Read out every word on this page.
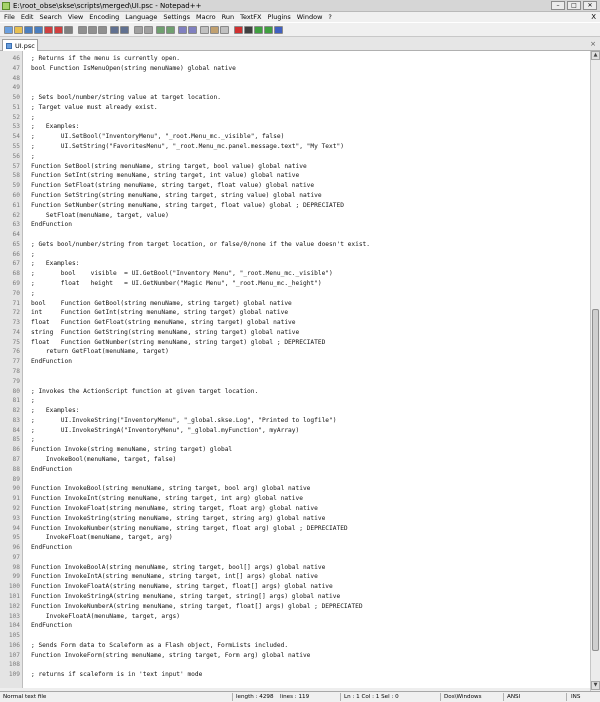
E:\root_obse\skse\scripts\merged\UI.psc - Notepad++	–	□	✕
File Edit Search View Encoding Language Settings Macro Run TextFX Plugins Window ?	X
UI.psc	×
46 ; Returns if the menu is currently open.
47 bool Function IsMenuOpen(string menuName) global native
48
49
50 ; Sets bool/number/string value at target location.
51 ; Target value must already exist.
52 ;
53 ;   Examples:
54 ;       UI.SetBool("InventoryMenu", "_root.Menu_mc._visible", false)
55 ;       UI.SetString("FavoritesMenu", "_root.Menu_mc.panel.message.text", "My Text")
56 ;
57 Function SetBool(string menuName, string target, bool value) global native
58 Function SetInt(string menuName, string target, int value) global native
59 Function SetFloat(string menuName, string target, float value) global native
60 Function SetString(string menuName, string target, string value) global native
61 Function SetNumber(string menuName, string target, float value) global ; DEPRECIATED
62 SetFloat(menuName, target, value)
63 EndFunction
64
65 ; Gets bool/number/string from target location, or false/0/none if the value doesn't exist.
66 ;
67 ;   Examples:
68 ;       bool    visible  = UI.GetBool("Inventory Menu", "_root.Menu_mc._visible")
69 ;       float   height   = UI.GetNumber("Magic Menu", "_root.Menu_mc._height")
70 ;
71 bool    Function GetBool(string menuName, string target) global native
72 int     Function GetInt(string menuName, string target) global native
73 float   Function GetFloat(string menuName, string target) global native
74 string  Function GetString(string menuName, string target) global native
75 float   Function GetNumber(string menuName, string target) global ; DEPRECIATED
76 return GetFloat(menuName, target)
77 EndFunction
78
79
80 ; Invokes the ActionScript function at given target location.
81 ;
82 ;   Examples:
83 ;       UI.InvokeString("InventoryMenu", "_global.skse.Log", "Printed to logfile")
84 ;       UI.InvokeStringA("InventoryMenu", "_global.myFunction", myArray)
85 ;
86 Function Invoke(string menuName, string target) global
87 InvokeBool(menuName, target, false)
88 EndFunction
89
90 Function InvokeBool(string menuName, string target, bool arg) global native
91 Function InvokeInt(string menuName, string target, int arg) global native
92 Function InvokeFloat(string menuName, string target, float arg) global native
93 Function InvokeString(string menuName, string target, string arg) global native
94 Function InvokeNumber(string menuName, string target, float arg) global ; DEPRECIATED
95 InvokeFloat(menuName, target, arg)
96 EndFunction
97
98 Function InvokeBoolA(string menuName, string target, bool[] args) global native
99 Function InvokeIntA(string menuName, string target, int[] args) global native
100 Function InvokeFloatA(string menuName, string target, float[] args) global native
101 Function InvokeStringA(string menuName, string target, string[] args) global native
102 Function InvokeNumberA(string menuName, string target, float[] args) global ; DEPRECIATED
103 InvokeFloatA(menuName, target, args)
104 EndFunction
105
106 ; Sends Form data to Scaleform as a Flash object, FormLists included.
107 Function InvokeForm(string menuName, string target, Form arg) global native
108
109 ; returns if scaleform is in 'text input' mode
▲
▼
Normal text file	length : 4298 lines : 119	Ln : 1 Col : 1 Sel : 0	Dos\Windows	ANSI	INS
